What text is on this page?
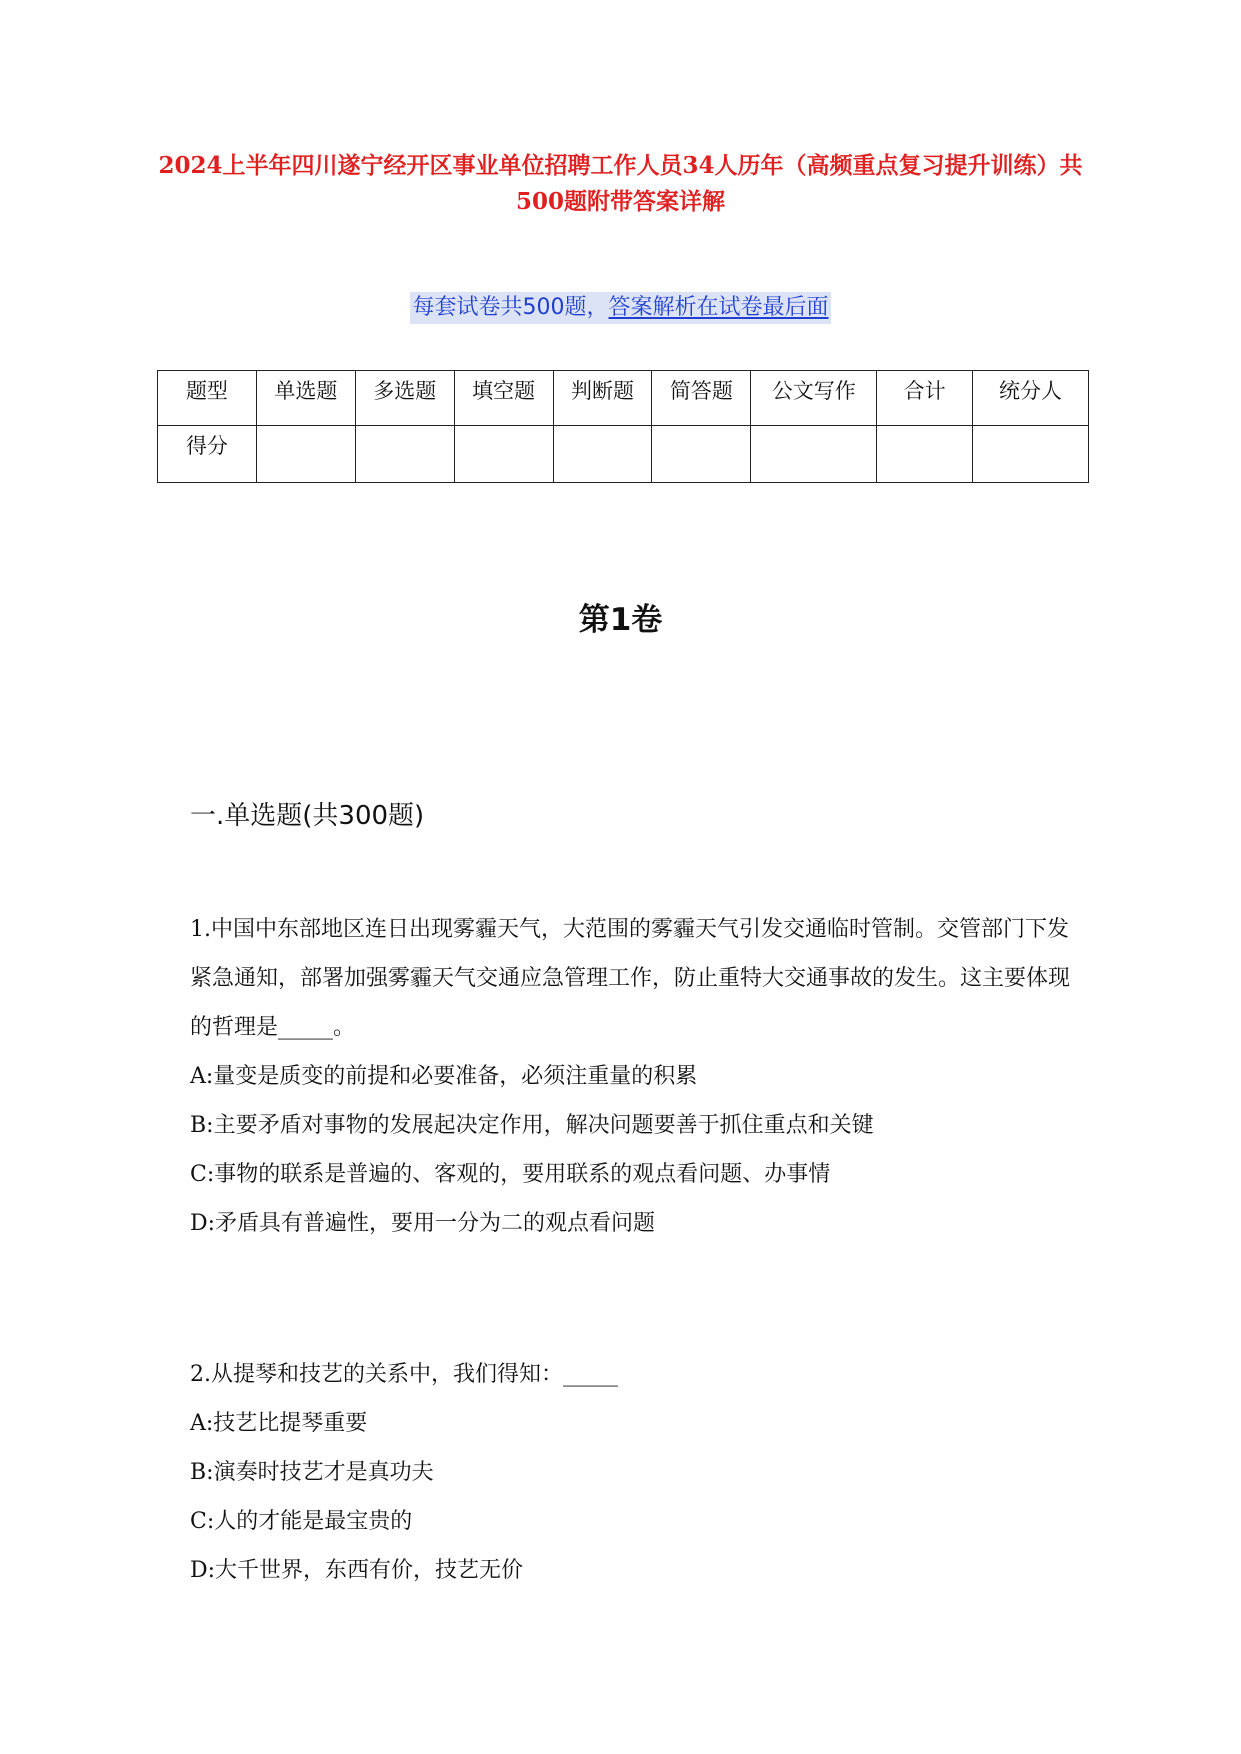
2024上半年四川遂宁经开区事业单位招聘工作人员34人历年（高频重点复习提升训练）共500题附带答案详解
每套试卷共500题，答案解析在试卷最后面
题型	单选题	多选题	填空题	判断题	简答题	公文写作	合计	统分人
得分								
第1卷
一.单选题(共300题)
1.中国中东部地区连日出现雾霾天气，大范围的雾霾天气引发交通临时管制。交管部门下发紧急通知，部署加强雾霾天气交通应急管理工作，防止重特大交通事故的发生。这主要体现的哲理是_____。
A:量变是质变的前提和必要准备，必须注重量的积累
B:主要矛盾对事物的发展起决定作用，解决问题要善于抓住重点和关键
C:事物的联系是普遍的、客观的，要用联系的观点看问题、办事情
D:矛盾具有普遍性，要用一分为二的观点看问题
2.从提琴和技艺的关系中，我们得知：_____
A:技艺比提琴重要
B:演奏时技艺才是真功夫
C:人的才能是最宝贵的
D:大千世界，东西有价，技艺无价
